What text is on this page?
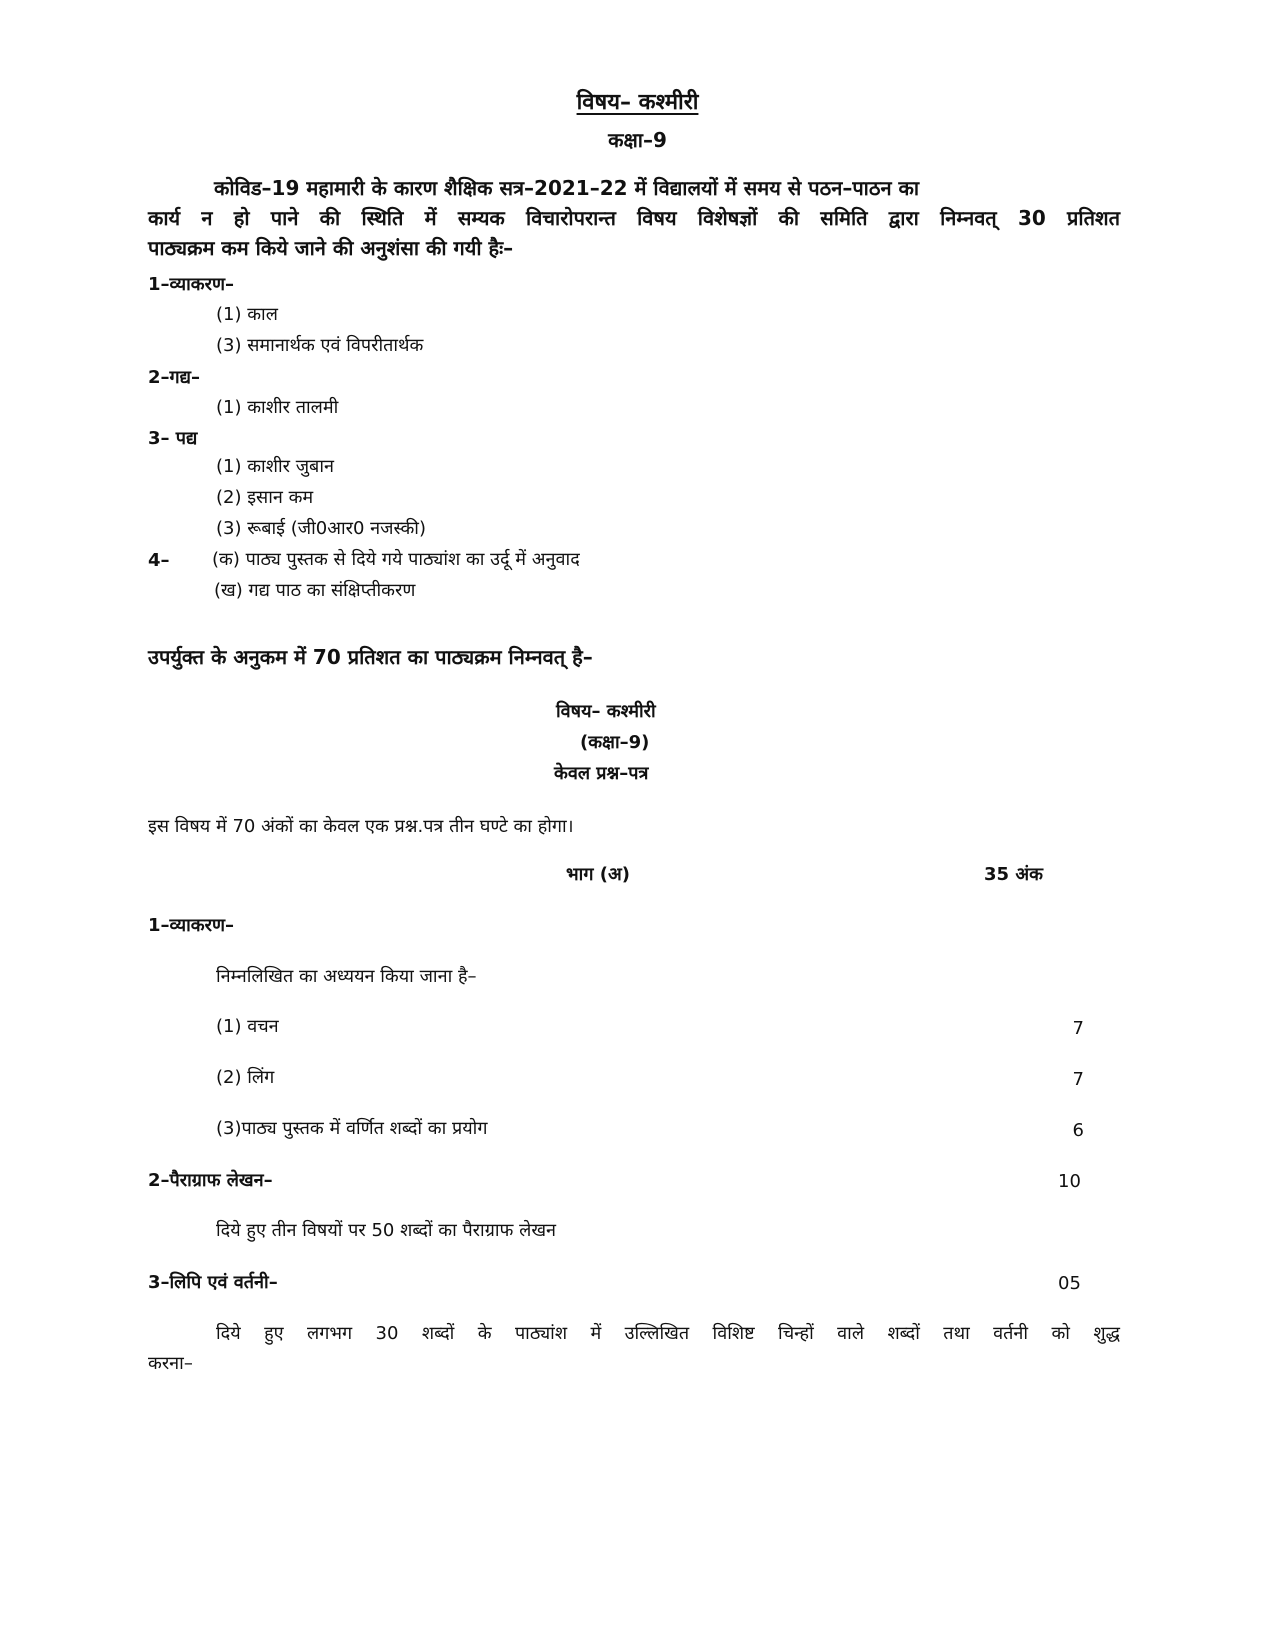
विषय– कश्मीरी
कक्षा–9
कोविड–19 महामारी के कारण शैक्षिक सत्र–2021–22 में विद्यालयों में समय से पठन–पाठन का
कार्य न हो पाने की स्थिति में सम्यक विचारोपरान्त विषय विशेषज्ञों की समिति द्वारा निम्नवत् 30 प्रतिशत
पाठ्यक्रम कम किये जाने की अनुशंसा की गयी हैः–
1–व्याकरण–
(1) काल
(3) समानार्थक एवं विपरीतार्थक
2–गद्य–
(1) काशीर तालमी
3– पद्य
(1) काशीर जुबान
(2) इसान कम
(3) रूबाई (जी0आर0 नजस्की)
4– (क) पाठ्य पुस्तक से दिये गये पाठ्यांश का उर्दू में अनुवाद
(ख) गद्य पाठ का संक्षिप्तीकरण
उपर्युक्त के अनुकम में 70 प्रतिशत का पाठ्यक्रम निम्नवत् है–
विषय– कश्मीरी
(कक्षा–9)
केवल प्रश्न–पत्र
इस विषय में 70 अंकों का केवल एक प्रश्न.पत्र तीन घण्टे का होगा।
भाग (अ)	35 अंक
1–व्याकरण–
निम्नलिखित का अध्ययन किया जाना है–
(1) वचन	7
(2) लिंग	7
(3)पाठ्य पुस्तक में वर्णित शब्दों का प्रयोग	6
2–पैराग्राफ लेखन–	10
दिये हुए तीन विषयों पर 50 शब्दों का पैराग्राफ लेखन
3–लिपि एवं वर्तनी–	05
दिये हुए लगभग 30 शब्दों के पाठ्यांश में उल्लिखित विशिष्ट चिन्हों वाले शब्दों तथा वर्तनी को शुद्ध
करना–
